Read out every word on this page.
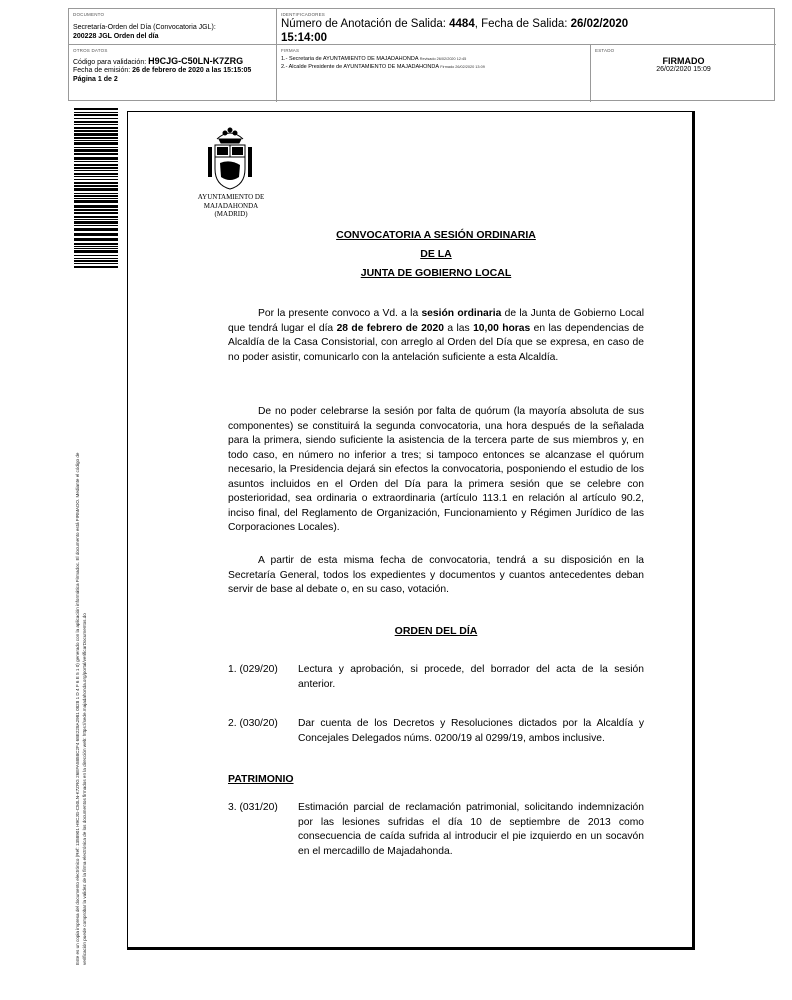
DOCUMENTO
Secretaría-Orden del Día (Convocatoria JGL):
200228 JGL Orden del día
IDENTIFICADORES
Número de Anotación de Salida: 4484, Fecha de Salida: 26/02/2020
15:14:00
OTROS DATOS
Código para validación: H9CJG-C50LN-K7ZRG
Fecha de emisión: 26 de febrero de 2020 a las 15:15:05
Página 1 de 2
FIRMAS
1.- Secretaria de AYUNTAMIENTO DE MAJADAHONDA Revisado 26/02/2020 12:45
2.- Alcalde Presidente de AYUNTAMIENTO DE MAJADAHONDA Firmado 26/02/2020 13:09
ESTADO
FIRMADO
26/02/2020 15:09
Este es un copia impresa del documento electrónico (Ref: 1358901 H9CJG-C50LN-K7ZRG 26EFA5858C2F4 68E228A2981 0828 1 D 4 F 6 E 5 1 0) generado con la aplicación informática Firmadoc. El documento está FIRMADO. Mediante el código de verificación puede comprobar la validez de la firma electrónica de los documentos firmados en la dirección web: https://sede.majadahonda.org/portal/verificarDocumentos.do
AYUNTAMIENTO DE
MAJADAHONDA
(MADRID)
CONVOCATORIA A SESIÓN ORDINARIA
DE LA
JUNTA DE GOBIERNO LOCAL
Por la presente convoco a Vd. a la sesión ordinaria de la Junta de Gobierno Local que tendrá lugar el día 28 de febrero de 2020 a las 10,00 horas en las dependencias de Alcaldía de la Casa Consistorial, con arreglo al Orden del Día que se expresa, en caso de no poder asistir, comunicarlo con la antelación suficiente a esta Alcaldía.
De no poder celebrarse la sesión por falta de quórum (la mayoría absoluta de sus componentes) se constituirá la segunda convocatoria, una hora después de la señalada para la primera, siendo suficiente la asistencia de la tercera parte de sus miembros y, en todo caso, en número no inferior a tres; si tampoco entonces se alcanzase el quórum necesario, la Presidencia dejará sin efectos la convocatoria, posponiendo el estudio de los asuntos incluidos en el Orden del Día para la primera sesión que se celebre con posterioridad, sea ordinaria o extraordinaria (artículo 113.1 en relación al artículo 90.2, inciso final, del Reglamento de Organización, Funcionamiento y Régimen Jurídico de las Corporaciones Locales).
A partir de esta misma fecha de convocatoria, tendrá a su disposición en la Secretaría General, todos los expedientes y documentos y cuantos antecedentes deban servir de base al debate o, en su caso, votación.
ORDEN DEL DÍA
1. (029/20) Lectura y aprobación, si procede, del borrador del acta de la sesión anterior.
2. (030/20) Dar cuenta de los Decretos y Resoluciones dictados por la Alcaldía y Concejales Delegados núms. 0200/19 al 0299/19, ambos inclusive.
PATRIMONIO
3. (031/20) Estimación parcial de reclamación patrimonial, solicitando indemnización por las lesiones sufridas el día 10 de septiembre de 2013 como consecuencia de caída sufrida al introducir el pie izquierdo en un socavón en el mercadillo de Majadahonda.
